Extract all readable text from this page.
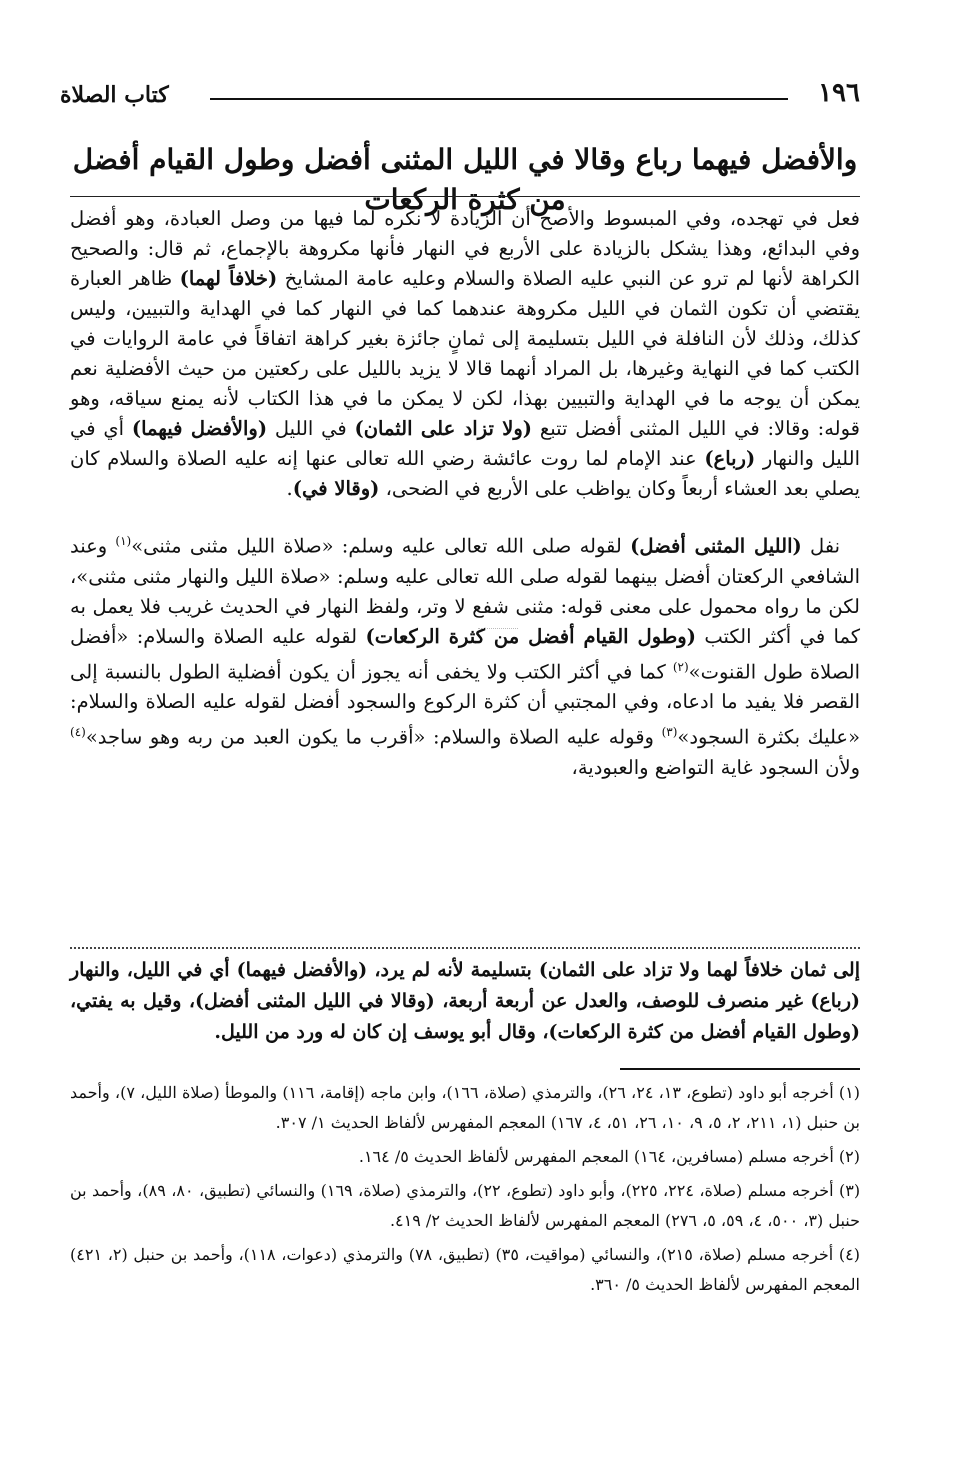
١٩٦
كتاب الصلاة
والأفضل فيهما رباع وقالا في الليل المثنى أفضل وطول القيام أفضل من كثرة الركعات

فعل في تهجده، وفي المبسوط والأصح أن الزيادة لا نكره لما فيها من وصل العبادة، وهو أفضل وفي البدائع، وهذا يشكل بالزيادة على الأربع في النهار فأنها مكروهة بالإجماع، ثم قال: والصحيح الكراهة لأنها لم ترو عن النبي عليه الصلاة والسلام وعليه عامة المشايخ (خلافاً لهما) ظاهر العبارة يقتضي أن تكون الثمان في الليل مكروهة عندهما كما في النهار كما في الهداية والتبيين، وليس كذلك، وذلك لأن النافلة في الليل بتسليمة إلى ثمانٍ جائزة بغير كراهة اتفاقاً في عامة الروايات في الكتب كما في النهاية وغيرها، بل المراد أنهما قالا لا يزيد بالليل على ركعتين من حيث الأفضلية نعم يمكن أن يوجه ما في الهداية والتبيين بهذا، لكن لا يمكن ما في هذا الكتاب لأنه يمنع سياقه، وهو قوله: وقالا: في الليل المثنى أفضل تتبع (ولا تزاد على الثمان) في الليل (والأفضل فيهما) أي في الليل والنهار (رباع) عند الإمام لما روت عائشة رضي الله تعالى عنها إنه عليه الصلاة والسلام كان يصلي بعد العشاء أربعاً وكان يواظب على الأربع في الضحى، (وقالا في).

نفل (الليل المثنى أفضل) لقوله صلى الله تعالى عليه وسلم: «صلاة الليل مثنى مثنى»$^{(١)}$ وعند الشافعي الركعتان أفضل بينهما لقوله صلى الله تعالى عليه وسلم: «صلاة الليل والنهار مثنى مثنى»، لكن ما رواه محمول على معنى قوله: مثنى شفع لا وتر، ولفظ النهار في الحديث غريب فلا يعمل به كما في أكثر الكتب (وطول القيام أفضل من كثرة الركعات) لقوله عليه الصلاة والسلام: «أفضل الصلاة طول القنوت»$^{(٢)}$ كما في أكثر الكتب ولا يخفى أنه يجوز أن يكون أفضلية الطول بالنسبة إلى القصر فلا يفيد ما ادعاه، وفي المجتبي أن كثرة الركوع والسجود أفضل لقوله عليه الصلاة والسلام: «عليك بكثرة السجود»$^{(٣)}$ وقوله عليه الصلاة والسلام: «أقرب ما يكون العبد من ربه وهو ساجد»$^{(٤)}$ ولأن السجود غاية التواضع والعبودية،

إلى ثمان خلافاً لهما ولا تزاد على الثمان) بتسليمة لأنه لم يرد، (والأفضل فيهما) أي في الليل، والنهار (رباع) غير منصرف للوصف، والعدل عن أربعة أربعة، (وقالا في الليل المثنى أفضل)، وقيل به يفتي، (وطول القيام أفضل من كثرة الركعات)، وقال أبو يوسف إن كان له ورد من الليل.

(١) أخرجه أبو داود (تطوع، ١٣، ٢٤، ٢٦)، والترمذي (صلاة، ١٦٦)، وابن ماجه (إقامة، ١١٦) والموطأ (صلاة الليل، ٧)، وأحمد بن حنبل (١، ٢١١، ٢، ٥، ٩، ١٠، ٢٦، ٥١، ٤، ١٦٧) المعجم المفهرس لألفاظ الحديث ١/ ٣٠٧.

(٢) أخرجه مسلم (مسافرين، ١٦٤) المعجم المفهرس لألفاظ الحديث ٥/ ١٦٤.

(٣) أخرجه مسلم (صلاة، ٢٢٤، ٢٢٥)، وأبو داود (تطوع، ٢٢)، والترمذي (صلاة، ١٦٩) والنسائي (تطبيق، ٨٠، ٨٩)، وأحمد بن حنبل (٣، ٥٠٠، ٤، ٥٩، ٥، ٢٧٦) المعجم المفهرس لألفاظ الحديث ٢/ ٤١٩.

(٤) أخرجه مسلم (صلاة، ٢١٥)، والنسائي (مواقيت، ٣٥) (تطبيق، ٧٨) والترمذي (دعوات، ١١٨)، وأحمد بن حنبل (٢، ٤٢١) المعجم المفهرس لألفاظ الحديث ٥/ ٣٦٠.
